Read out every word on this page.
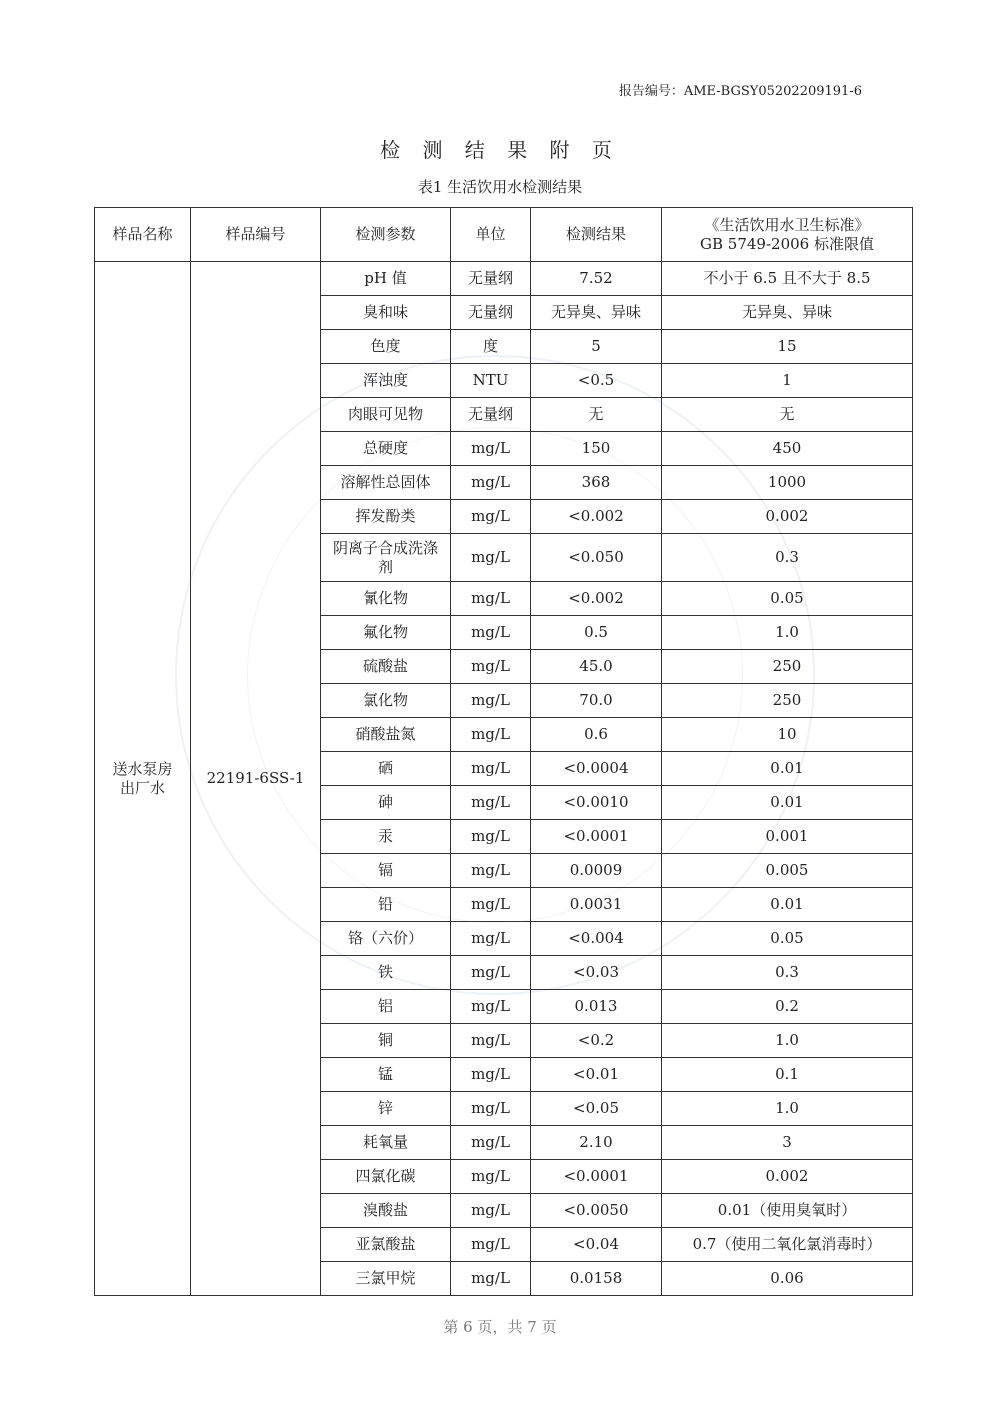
报告编号：AME-BGSY05202209191-6
检 测 结 果 附 页
表1 生活饮用水检测结果
样品名称	样品编号	检测参数	单位	检测结果	《生活饮用水卫生标准》
GB 5749-2006 标准限值

送水泵房
出厂水	22191-6SS-1	pH 值	无量纲	7.52	不小于 6.5 且不大于 8.5
		臭和味	无量纲	无异臭、异味	无异臭、异味
		色度	度	5	15
		浑浊度	NTU	<0.5	1
		肉眼可见物	无量纲	无	无
		总硬度	mg/L	150	450
		溶解性总固体	mg/L	368	1000
		挥发酚类	mg/L	<0.002	0.002
		阴离子合成洗涤剂	mg/L	<0.050	0.3
		氰化物	mg/L	<0.002	0.05
		氟化物	mg/L	0.5	1.0
		硫酸盐	mg/L	45.0	250
		氯化物	mg/L	70.0	250
		硝酸盐氮	mg/L	0.6	10
		硒	mg/L	<0.0004	0.01
		砷	mg/L	<0.0010	0.01
		汞	mg/L	<0.0001	0.001
		镉	mg/L	0.0009	0.005
		铅	mg/L	0.0031	0.01
		铬（六价）	mg/L	<0.004	0.05
		铁	mg/L	<0.03	0.3
		铝	mg/L	0.013	0.2
		铜	mg/L	<0.2	1.0
		锰	mg/L	<0.01	0.1
		锌	mg/L	<0.05	1.0
		耗氧量	mg/L	2.10	3
		四氯化碳	mg/L	<0.0001	0.002
		溴酸盐	mg/L	<0.0050	0.01（使用臭氧时）
		亚氯酸盐	mg/L	<0.04	0.7（使用二氧化氯消毒时）
		三氯甲烷	mg/L	0.0158	0.06
第 6 页，共 7 页
